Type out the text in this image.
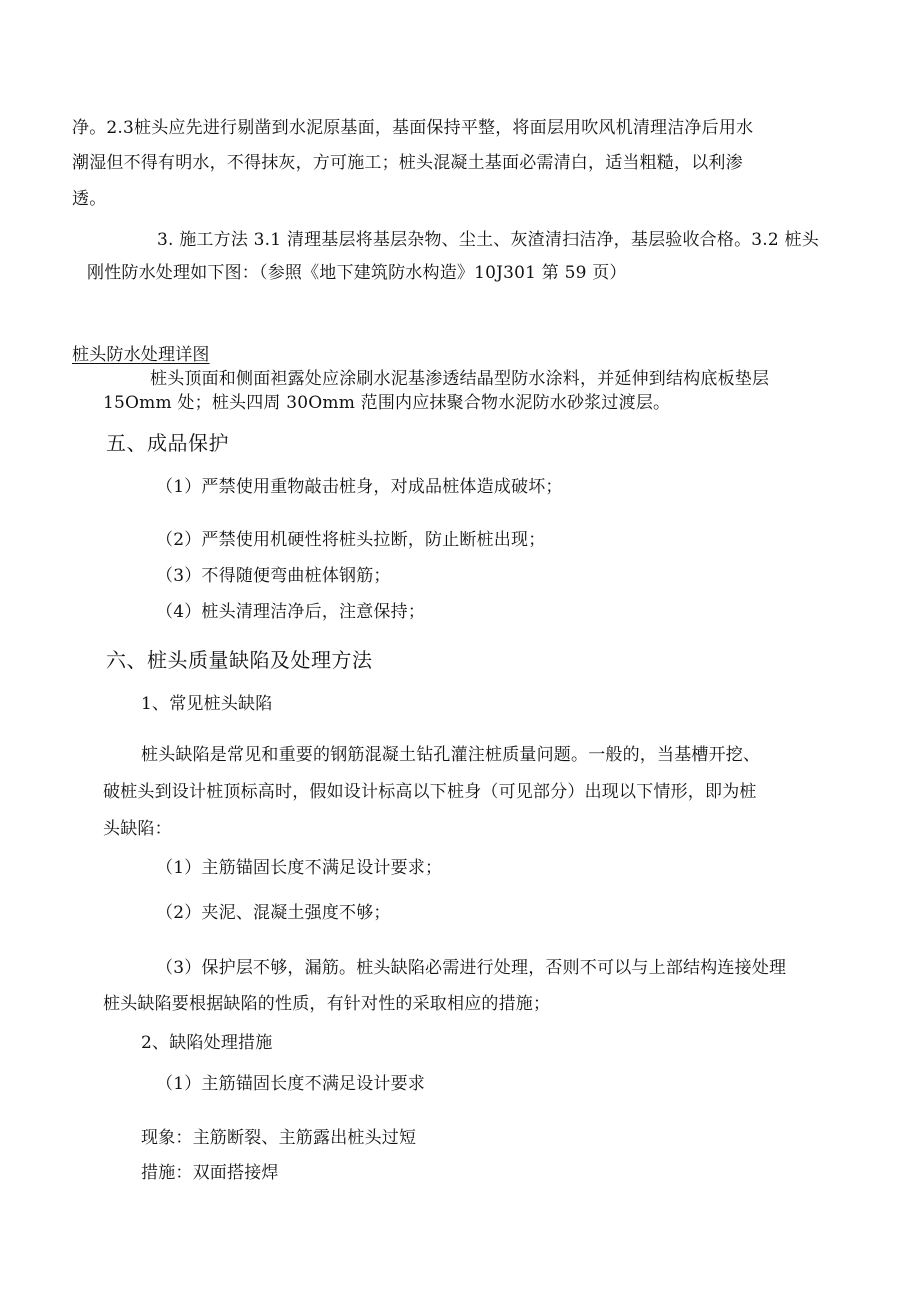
净。2.3桩头应先进行剔凿到水泥原基面，基面保持平整，将面层用吹风机清理洁净后用水
潮湿但不得有明水，不得抹灰，方可施工；桩头混凝土基面必需清白，适当粗糙，以利渗
透。
3. 施工方法 3.1 清理基层将基层杂物、尘土、灰渣清扫洁净，基层验收合格。3.2 桩头
刚性防水处理如下图：（参照《地下建筑防水构造》10J301 第 59 页）
桩头防水处理详图
桩头顶面和侧面袒露处应涂刷水泥基渗透结晶型防水涂料，并延伸到结构底板垫层
15Omm 处；桩头四周 30Omm 范围内应抹聚合物水泥防水砂浆过渡层。
五、成品保护
（1）严禁使用重物敲击桩身，对成品桩体造成破坏；
（2）严禁使用机硬性将桩头拉断，防止断桩出现；
（3）不得随便弯曲桩体钢筋；
（4）桩头清理洁净后，注意保持；
六、桩头质量缺陷及处理方法
1、常见桩头缺陷
桩头缺陷是常见和重要的钢筋混凝土钻孔灌注桩质量问题。一般的，当基槽开挖、
破桩头到设计桩顶标高时，假如设计标高以下桩身（可见部分）出现以下情形，即为桩
头缺陷：
（1）主筋锚固长度不满足设计要求；
（2）夹泥、混凝土强度不够；
（3）保护层不够，漏筋。桩头缺陷必需进行处理，否则不可以与上部结构连接处理
桩头缺陷要根据缺陷的性质，有针对性的采取相应的措施；
2、缺陷处理措施
（1）主筋锚固长度不满足设计要求
现象：主筋断裂、主筋露出桩头过短
措施：双面搭接焊
